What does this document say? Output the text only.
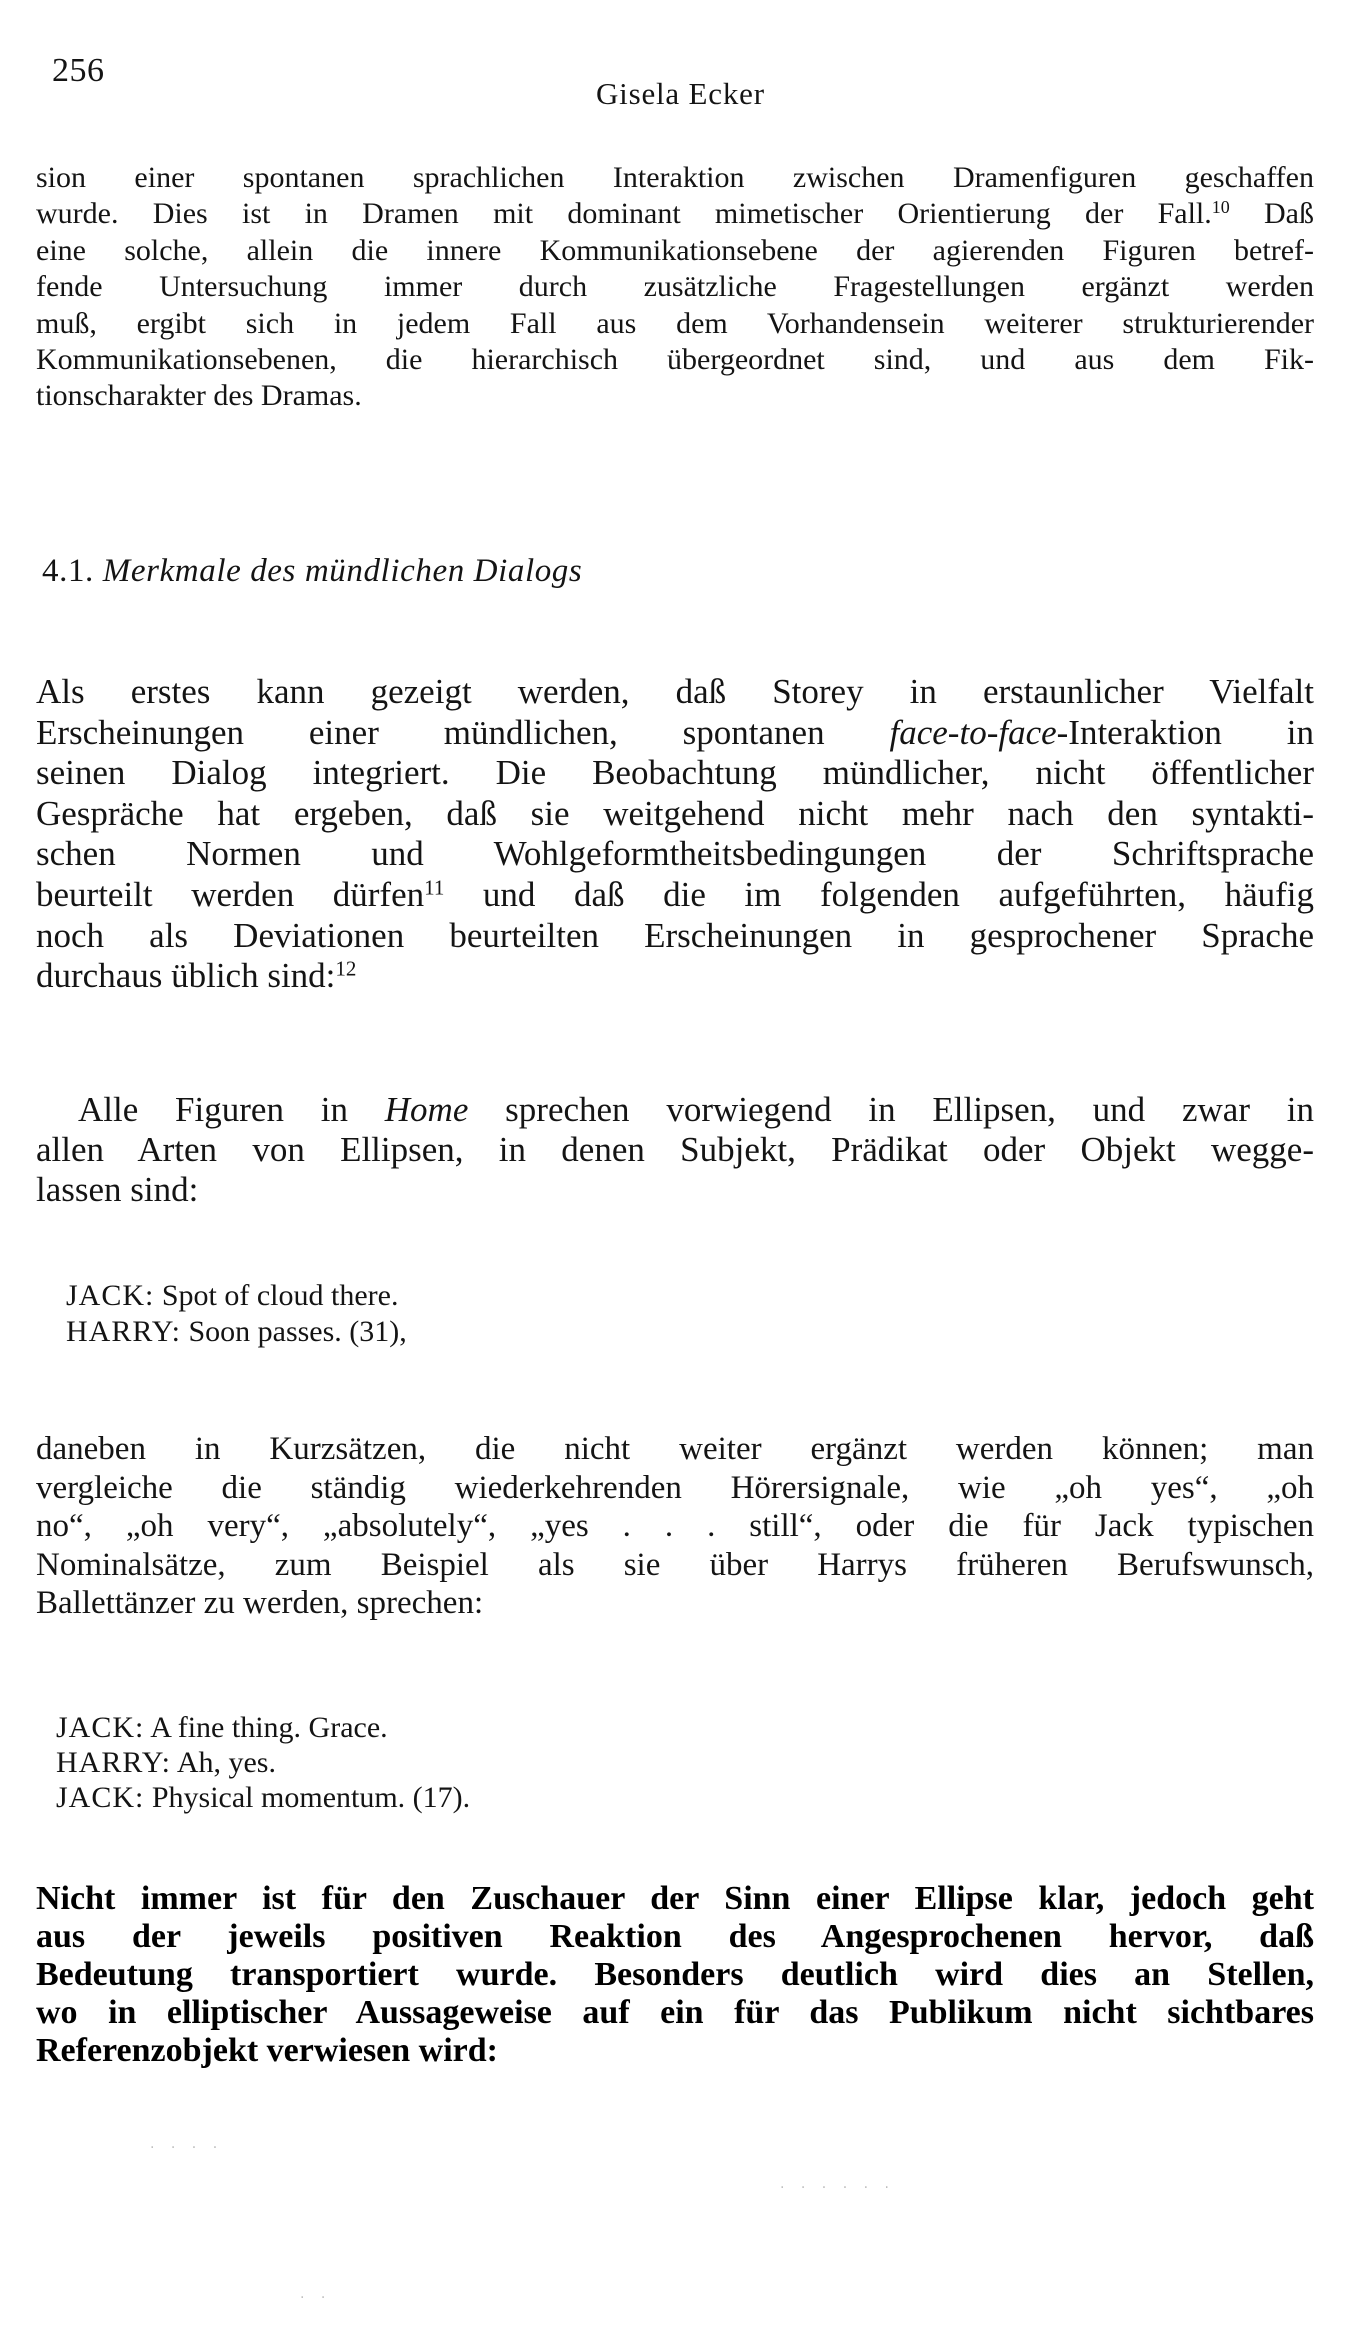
256
Gisela Ecker
sion einer spontanen sprachlichen Interaktion zwischen Dramenfiguren geschaffen
wurde. Dies ist in Dramen mit dominant mimetischer Orientierung der Fall.$^{10}$ Daß
eine solche, allein die innere Kommunikationsebene der agierenden Figuren betref-
fende Untersuchung immer durch zusätzliche Fragestellungen ergänzt werden
muß, ergibt sich in jedem Fall aus dem Vorhandensein weiterer strukturierender
Kommunikationsebenen, die hierarchisch übergeordnet sind, und aus dem Fik-
tionscharakter des Dramas.
4.1. Merkmale des mündlichen Dialogs
Als erstes kann gezeigt werden, daß Storey in erstaunlicher Vielfalt
Erscheinungen einer mündlichen, spontanen face-to-face-Interaktion in
seinen Dialog integriert. Die Beobachtung mündlicher, nicht öffentlicher
Gespräche hat ergeben, daß sie weitgehend nicht mehr nach den syntakti-
schen Normen und Wohlgeformtheitsbedingungen der Schriftsprache
beurteilt werden dürfen$^{11}$ und daß die im folgenden aufgeführten, häufig
noch als Deviationen beurteilten Erscheinungen in gesprochener Sprache
durchaus üblich sind:$^{12}$
Alle Figuren in Home sprechen vorwiegend in Ellipsen, und zwar in
allen Arten von Ellipsen, in denen Subjekt, Prädikat oder Objekt wegge-
lassen sind:
JACK: Spot of cloud there.
HARRY: Soon passes. (31),
daneben in Kurzsätzen, die nicht weiter ergänzt werden können; man
vergleiche die ständig wiederkehrenden Hörersignale, wie „oh yes“, „oh
no“, „oh very“, „absolutely“, „yes . . . still“, oder die für Jack typischen
Nominalsätze, zum Beispiel als sie über Harrys früheren Berufswunsch,
Ballettänzer zu werden, sprechen:
JACK: A fine thing. Grace.
HARRY: Ah, yes.
JACK: Physical momentum. (17).
Nicht immer ist für den Zuschauer der Sinn einer Ellipse klar, jedoch geht
aus der jeweils positiven Reaktion des Angesprochenen hervor, daß
Bedeutung transportiert wurde. Besonders deutlich wird dies an Stellen,
wo in elliptischer Aussageweise auf ein für das Publikum nicht sichtbares
Referenzobjekt verwiesen wird:
· · · ·
· · · · · ·
· ·
